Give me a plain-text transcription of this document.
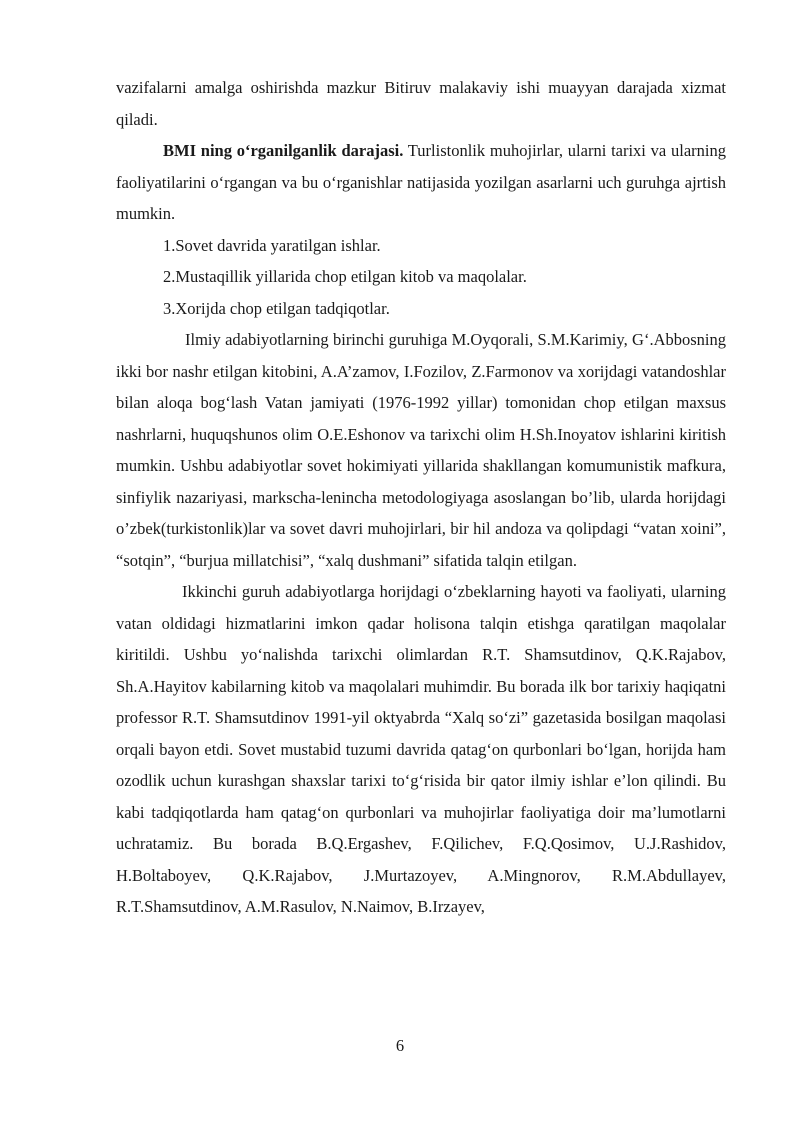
vazifalarni amalga oshirishda mazkur Bitiruv malakaviy ishi muayyan darajada xizmat qiladi.

BMI ning o‘rganilganlik darajasi. Turlistonlik muhojirlar, ularni tarixi va ularning faoliyatilarini o‘rgangan va bu o‘rganishlar natijasida yozilgan asarlarni uch guruhga ajrtish mumkin.

1.Sovet davrida yaratilgan ishlar.

2.Mustaqillik yillarida chop etilgan kitob va maqolalar.

3.Xorijda chop etilgan tadqiqotlar.

Ilmiy adabiyotlarning birinchi guruhiga M.Oyqorali, S.M.Karimiy, G‘.Abbosning ikki bor nashr etilgan kitobini, A.A’zamov, I.Fozilov, Z.Farmonov va xorijdagi vatandoshlar bilan aloqa bog‘lash Vatan jamiyati (1976-1992 yillar) tomonidan chop etilgan maxsus nashrlarni, huquqshunos olim O.E.Eshonov va tarixchi olim H.Sh.Inoyatov ishlarini kiritish mumkin. Ushbu adabiyotlar sovet hokimiyati yillarida shakllangan komumunistik mafkura, sinfiylik nazariyasi, markscha-lenincha metodologiyaga asoslangan bo’lib, ularda horijdagi o’zbek(turkistonlik)lar va sovet davri muhojirlari, bir hil andoza va qolipdagi “vatan xoini”, “sotqin”, “burjua millatchisi”, “xalq dushmani” sifatida talqin etilgan.

Ikkinchi guruh adabiyotlarga horijdagi o‘zbeklarning hayoti va faoliyati, ularning vatan oldidagi hizmatlarini imkon qadar holisona talqin etishga qaratilgan maqolalar kiritildi. Ushbu yo‘nalishda tarixchi olimlardan R.T. Shamsutdinov, Q.K.Rajabov, Sh.A.Hayitov kabilarning kitob va maqolalari muhimdir. Bu borada ilk bor tarixiy haqiqatni professor R.T. Shamsutdinov 1991-yil oktyabrda “Xalq so‘zi” gazetasida bosilgan maqolasi orqali bayon etdi. Sovet mustabid tuzumi davrida qatag‘on qurbonlari bo‘lgan, horijda ham ozodlik uchun kurashgan shaxslar tarixi to‘g‘risida bir qator ilmiy ishlar e’lon qilindi. Bu kabi tadqiqotlarda ham qatag‘on qurbonlari va muhojirlar faoliyatiga doir ma’lumotlarni uchratamiz. Bu borada B.Q.Ergashev, F.Qilichev, F.Q.Qosimov, U.J.Rashidov, H.Boltaboyev, Q.K.Rajabov, J.Murtazoyev, A.Mingnorov, R.M.Abdullayev, R.T.Shamsutdinov, A.M.Rasulov, N.Naimov, B.Irzayev,

6
